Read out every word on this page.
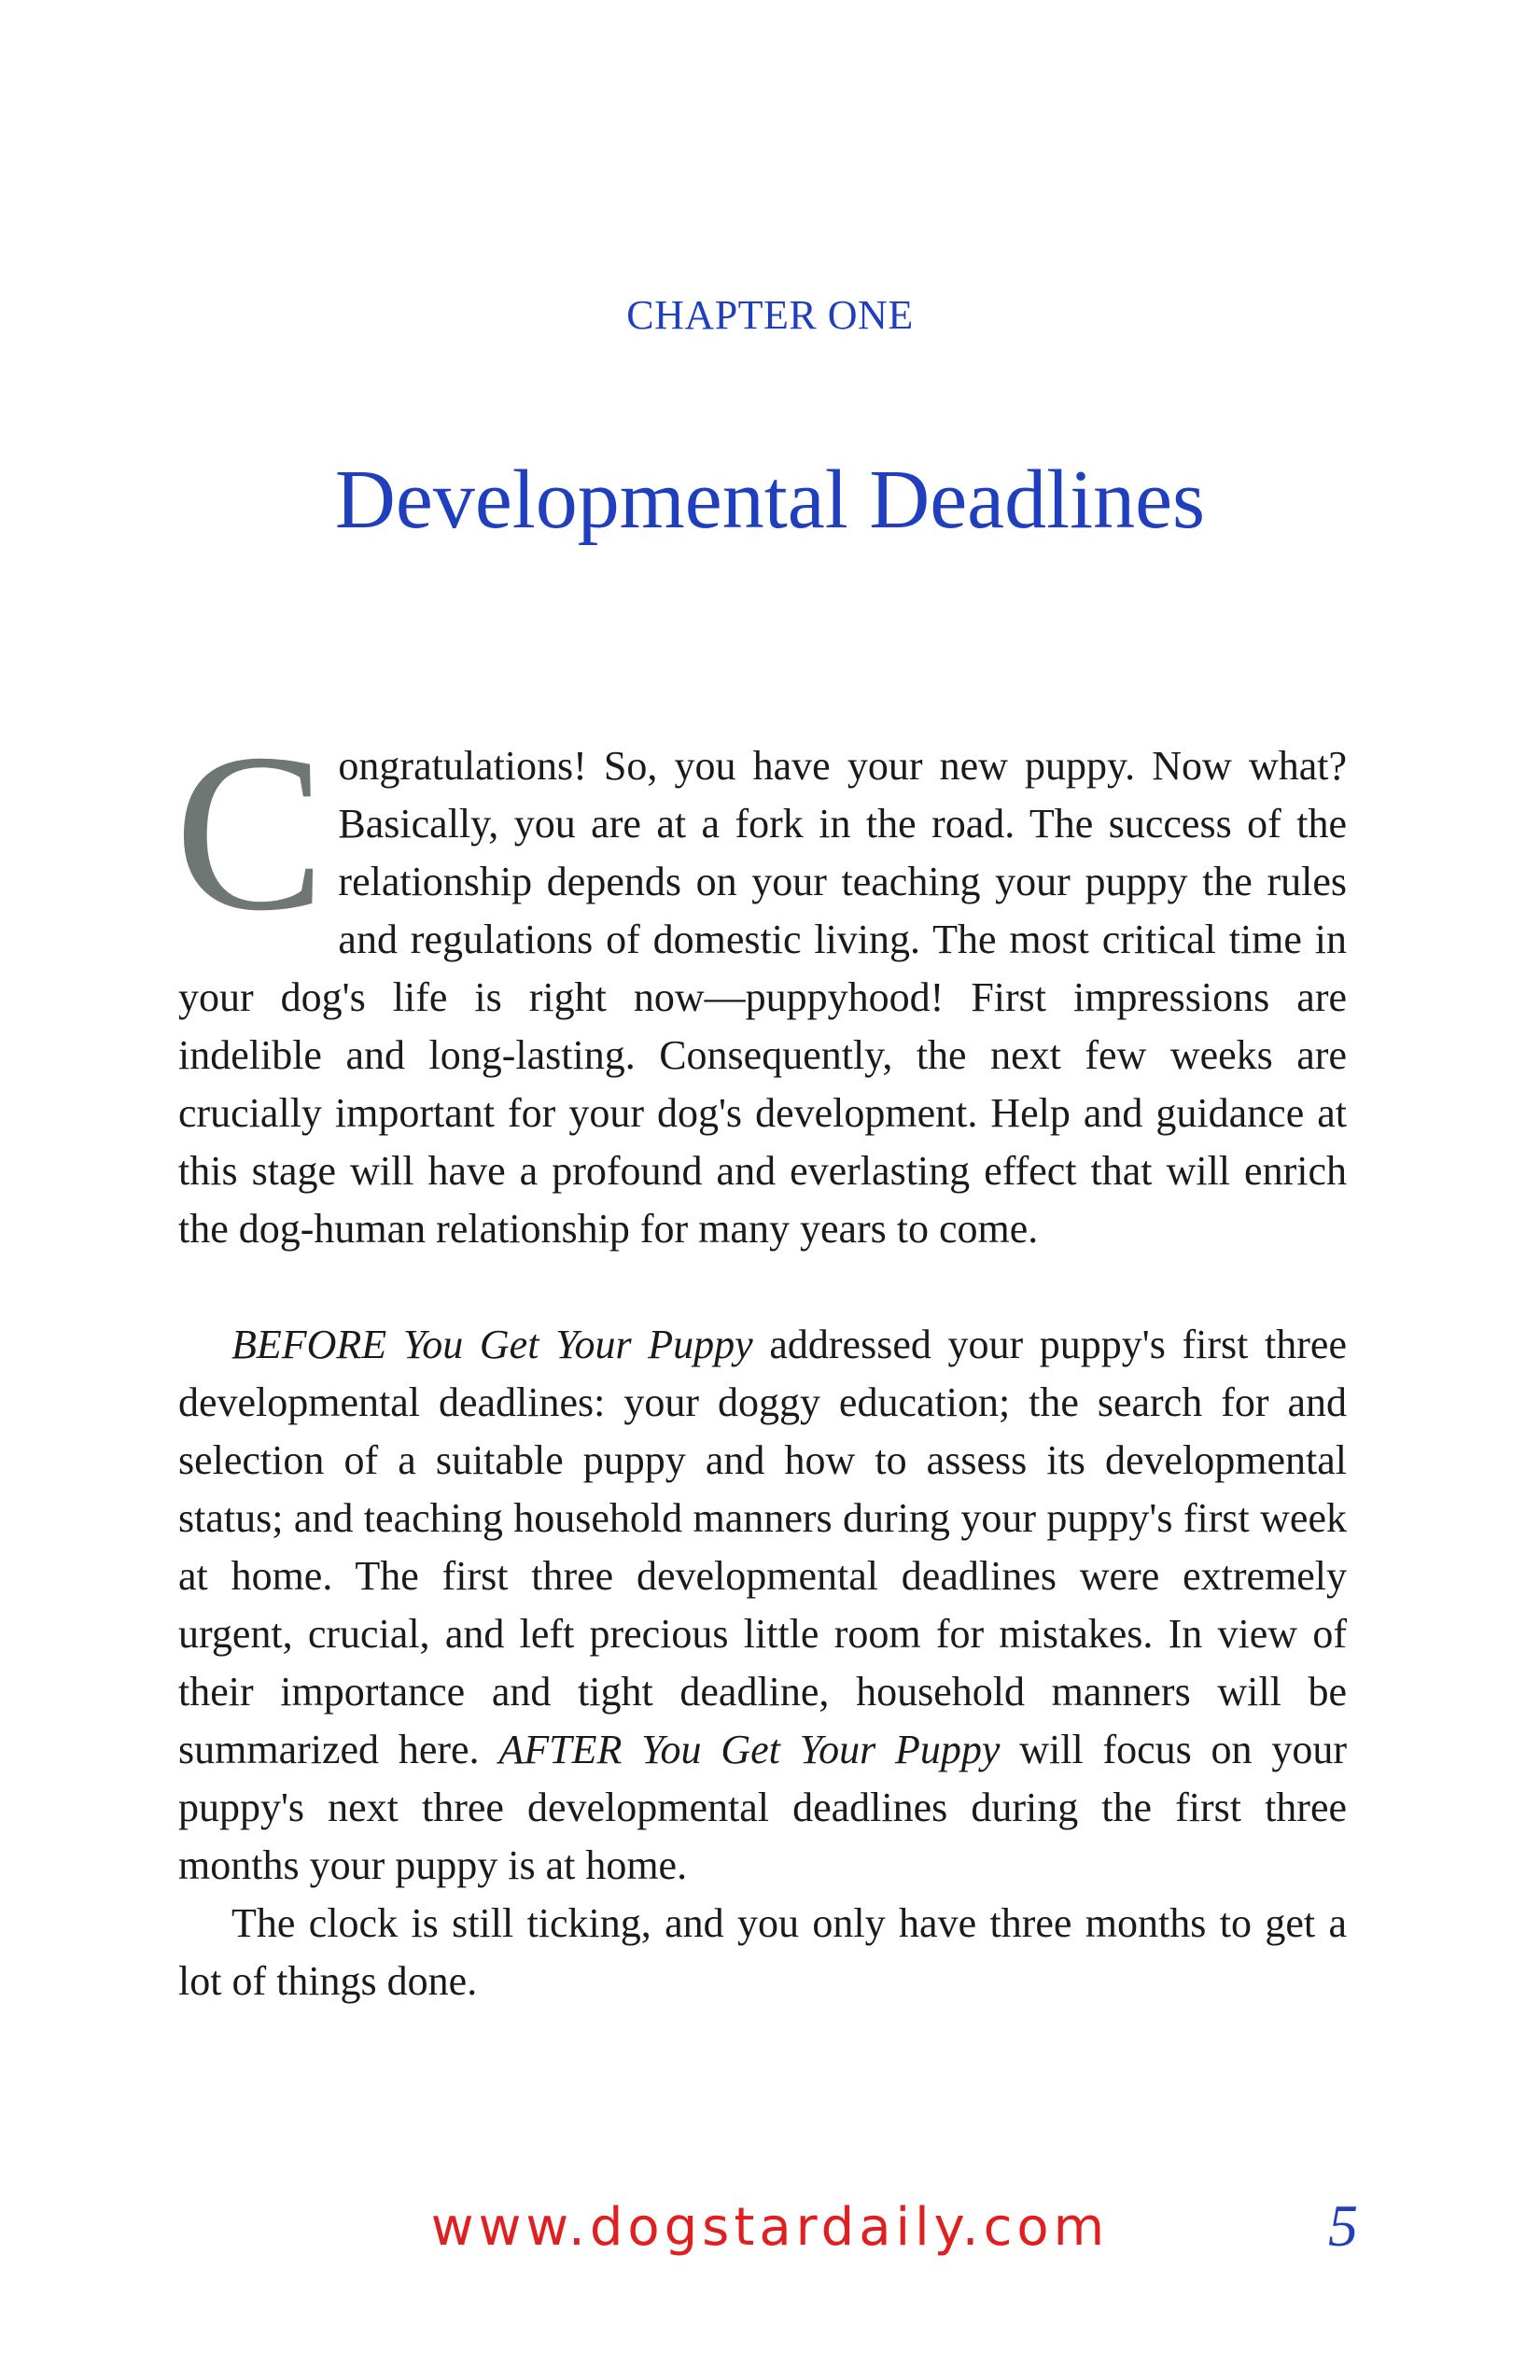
CHAPTER ONE
Developmental Deadlines

Congratulations! So, you have your new puppy. Now what? Basically, you are at a fork in the road. The success of the relationship depends on your teaching your puppy the rules and regulations of domestic living. The most critical time in your dog's life is right now—puppyhood! First impressions are indelible and long-lasting. Consequently, the next few weeks are crucially important for your dog's development. Help and guidance at this stage will have a profound and everlasting effect that will enrich the dog-human relationship for many years to come.

BEFORE You Get Your Puppy addressed your puppy's first three developmental deadlines: your doggy education; the search for and selection of a suitable puppy and how to assess its developmental status; and teaching household manners during your puppy's first week at home. The first three developmental deadlines were extremely urgent, crucial, and left precious little room for mistakes. In view of their importance and tight deadline, household manners will be summarized here. AFTER You Get Your Puppy will focus on your puppy's next three developmental deadlines during the first three months your puppy is at home.

The clock is still ticking, and you only have three months to get a lot of things done.

www.dogstardaily.com	5
